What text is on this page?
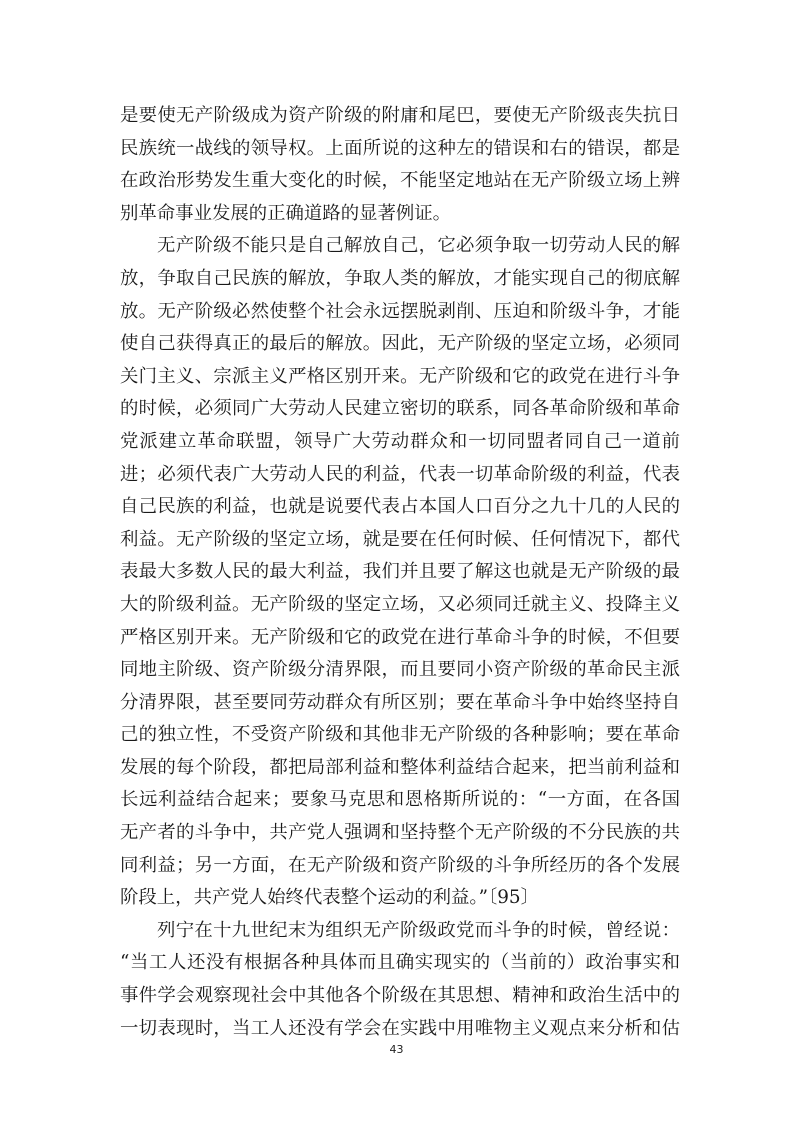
是要使无产阶级成为资产阶级的附庸和尾巴，要使无产阶级丧失抗日
民族统一战线的领导权。上面所说的这种左的错误和右的错误，都是
在政治形势发生重大变化的时候，不能坚定地站在无产阶级立场上辨
别革命事业发展的正确道路的显著例证。

无产阶级不能只是自己解放自己，它必须争取一切劳动人民的解
放，争取自己民族的解放，争取人类的解放，才能实现自己的彻底解
放。无产阶级必然使整个社会永远摆脱剥削、压迫和阶级斗争，才能
使自己获得真正的最后的解放。因此，无产阶级的坚定立场，必须同
关门主义、宗派主义严格区别开来。无产阶级和它的政党在进行斗争
的时候，必须同广大劳动人民建立密切的联系，同各革命阶级和革命
党派建立革命联盟，领导广大劳动群众和一切同盟者同自己一道前
进；必须代表广大劳动人民的利益，代表一切革命阶级的利益，代表
自己民族的利益，也就是说要代表占本国人口百分之九十几的人民的
利益。无产阶级的坚定立场，就是要在任何时候、任何情况下，都代
表最大多数人民的最大利益，我们并且要了解这也就是无产阶级的最
大的阶级利益。无产阶级的坚定立场，又必须同迁就主义、投降主义
严格区别开来。无产阶级和它的政党在进行革命斗争的时候，不但要
同地主阶级、资产阶级分清界限，而且要同小资产阶级的革命民主派
分清界限，甚至要同劳动群众有所区别；要在革命斗争中始终坚持自
己的独立性，不受资产阶级和其他非无产阶级的各种影响；要在革命
发展的每个阶段，都把局部利益和整体利益结合起来，把当前利益和
长远利益结合起来；要象马克思和恩格斯所说的：“一方面，在各国
无产者的斗争中，共产党人强调和坚持整个无产阶级的不分民族的共
同利益；另一方面，在无产阶级和资产阶级的斗争所经历的各个发展
阶段上，共产党人始终代表整个运动的利益。”〔95〕

列宁在十九世纪末为组织无产阶级政党而斗争的时候，曾经说：
“当工人还没有根据各种具体而且确实现实的（当前的）政治事实和
事件学会观察现社会中其他各个阶级在其思想、精神和政治生活中的
一切表现时，当工人还没有学会在实践中用唯物主义观点来分析和估

43
